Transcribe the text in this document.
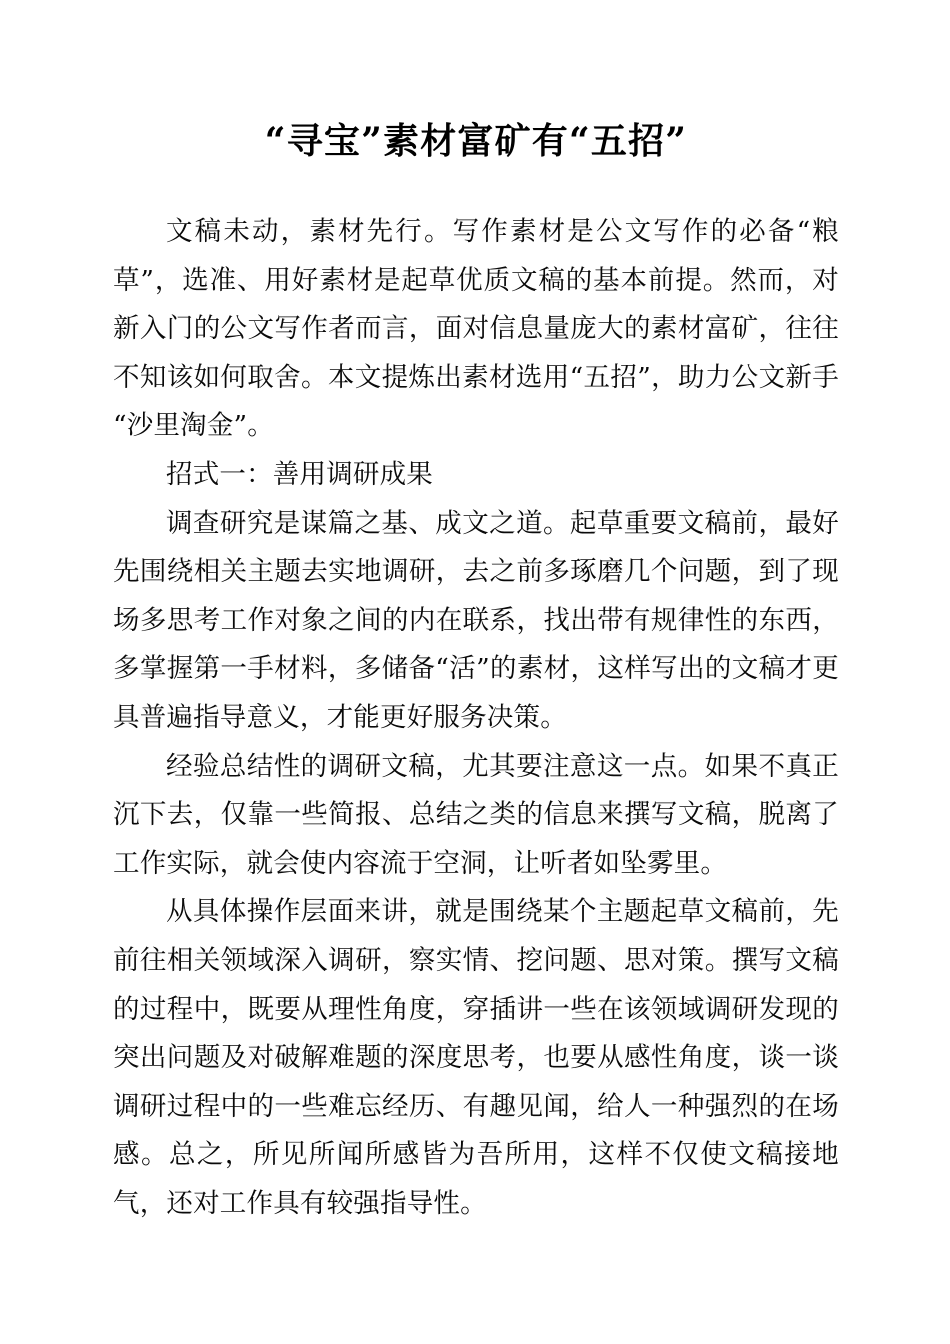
“寻宝”素材富矿有“五招”

文稿未动，素材先行。写作素材是公文写作的必备“粮草”，选准、用好素材是起草优质文稿的基本前提。然而，对新入门的公文写作者而言，面对信息量庞大的素材富矿，往往不知该如何取舍。本文提炼出素材选用“五招”，助力公文新手“沙里淘金”。

招式一：善用调研成果

调查研究是谋篇之基、成文之道。起草重要文稿前，最好先围绕相关主题去实地调研，去之前多琢磨几个问题，到了现场多思考工作对象之间的内在联系，找出带有规律性的东西，多掌握第一手材料，多储备“活”的素材，这样写出的文稿才更具普遍指导意义，才能更好服务决策。

经验总结性的调研文稿，尤其要注意这一点。如果不真正沉下去，仅靠一些简报、总结之类的信息来撰写文稿，脱离了工作实际，就会使内容流于空洞，让听者如坠雾里。

从具体操作层面来讲，就是围绕某个主题起草文稿前，先前往相关领域深入调研，察实情、挖问题、思对策。撰写文稿的过程中，既要从理性角度，穿插讲一些在该领域调研发现的突出问题及对破解难题的深度思考，也要从感性角度，谈一谈调研过程中的一些难忘经历、有趣见闻，给人一种强烈的在场感。总之，所见所闻所感皆为吾所用，这样不仅使文稿接地气，还对工作具有较强指导性。
